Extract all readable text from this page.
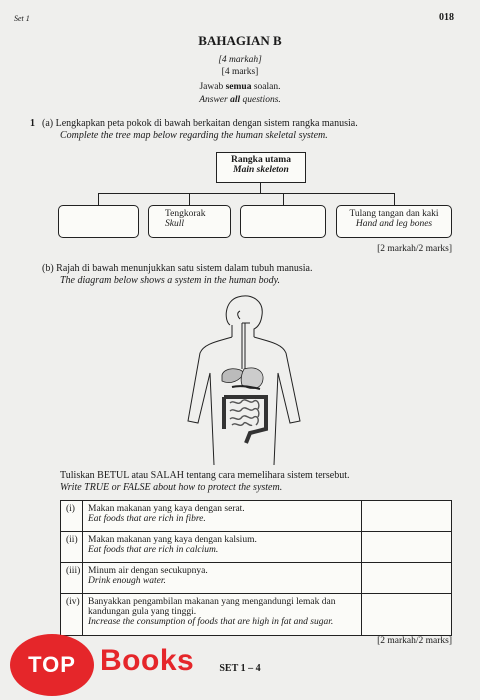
Set 1	018
BAHAGIAN B
[4 markah]
[4 marks]
Jawab semua soalan.
Answer all questions.
1 (a) Lengkapkan peta pokok di bawah berkaitan dengan sistem rangka manusia.
Complete the tree map below regarding the human skeletal system.
Rangka utama
Main skeleton
Tengkorak
Skull
Tulang tangan dan kaki
Hand and leg bones
[2 markah/2 marks]
(b) Rajah di bawah menunjukkan satu sistem dalam tubuh manusia.
The diagram below shows a system in the human body.
Tuliskan BETUL atau SALAH tentang cara memelihara sistem tersebut.
Write TRUE or FALSE about how to protect the system.
(i)	Makan makanan yang kaya dengan serat.
Eat foods that are rich in fibre.	

(ii)	Makan makanan yang kaya dengan kalsium.
Eat foods that are rich in calcium.	

(iii)	Minum air dengan secukupnya.
Drink enough water.	

(iv)	Banyakkan pengambilan makanan yang mengandungi lemak dan kandungan gula yang tinggi.
Increase the consumption of foods that are high in fat and sugar.	

[2 markah/2 marks]
SET 1 – 4
TOP Books
